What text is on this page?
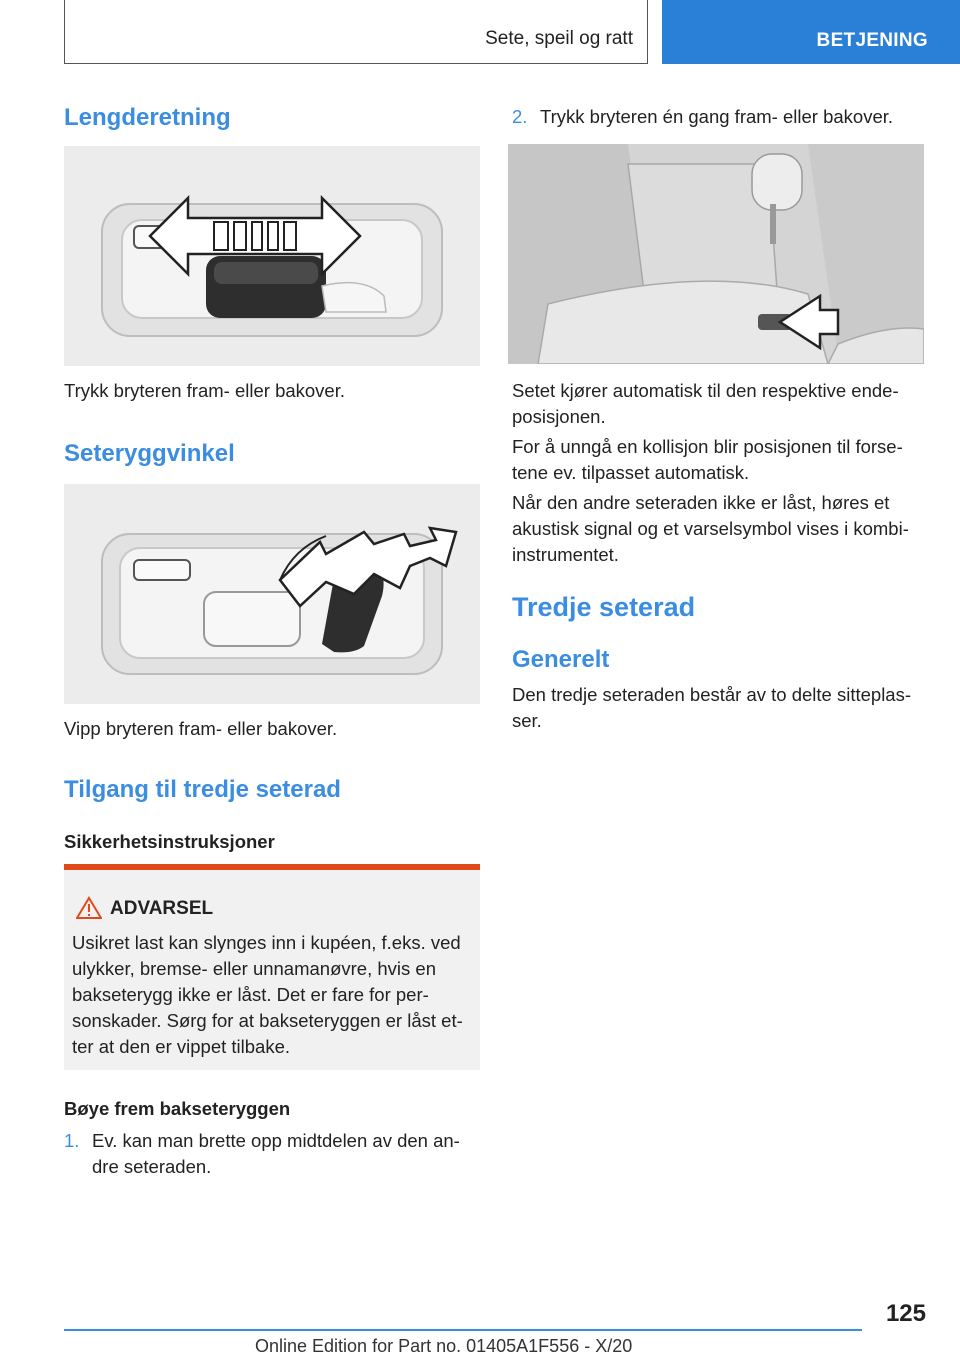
Sete, speil og ratt	BETJENING
Lengderetning
Trykk bryteren fram- eller bakover.
Seteryggvinkel
Vipp bryteren fram- eller bakover.
Tilgang til tredje seterad
Sikkerhetsinstruksjoner
ADVARSEL
Usikret last kan slynges inn i kupéen, f.eks. ved ulykker, bremse- eller unnamanøvre, hvis en bakseterygg ikke er låst. Det er fare for per-sonskader. Sørg for at bakseteryggen er låst et-ter at den er vippet tilbake.
Bøye frem bakseteryggen
1. Ev. kan man brette opp midtdelen av den an-dre seteraden.
2. Trykk bryteren én gang fram- eller bakover.
Setet kjører automatisk til den respektive ende-posisjonen.
For å unngå en kollisjon blir posisjonen til forse-tene ev. tilpasset automatisk.
Når den andre seteraden ikke er låst, høres et akustisk signal og et varselsymbol vises i kombi-instrumentet.
Tredje seterad
Generelt
Den tredje seteraden består av to delte sitteplas-ser.
125
Online Edition for Part no. 01405A1F556 - X/20
